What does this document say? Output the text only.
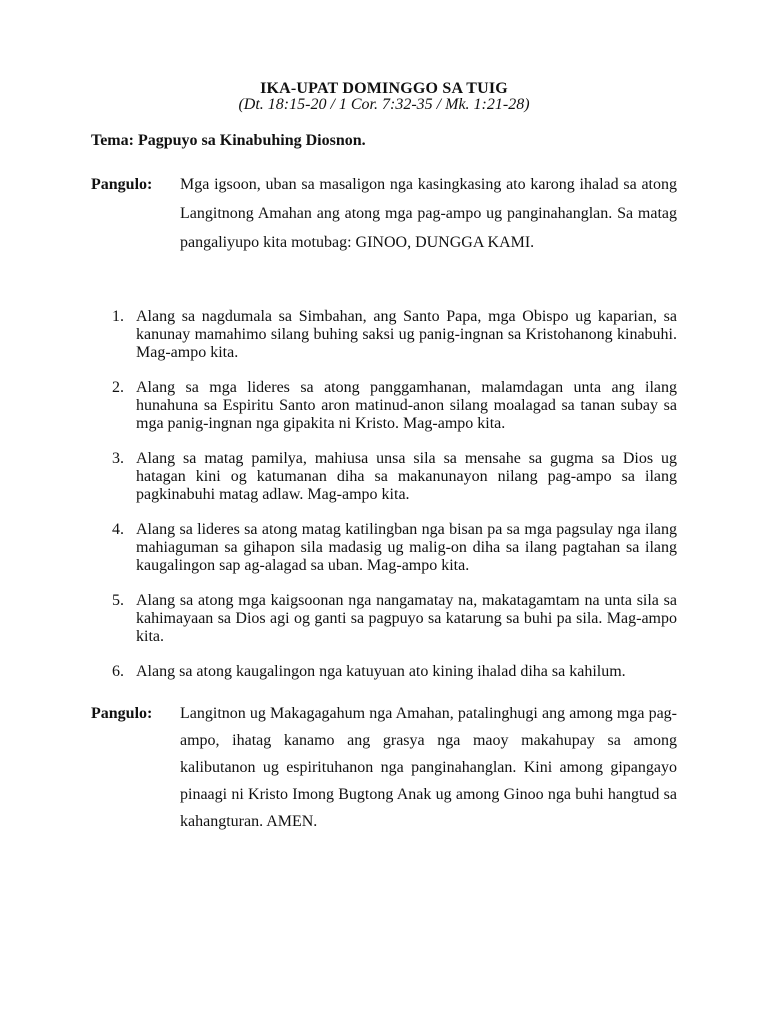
IKA-UPAT DOMINGGO SA TUIG
(Dt. 18:15-20 / 1 Cor. 7:32-35 / Mk. 1:21-28)
Tema: Pagpuyo sa Kinabuhing Diosnon.
Pangulo: Mga igsoon, uban sa masaligon nga kasingkasing ato karong ihalad sa atong Langitnong Amahan ang atong mga pag-ampo ug panginahanglan. Sa matag pangaliyupo kita motubag: GINOO, DUNGGA KAMI.
1. Alang sa nagdumala sa Simbahan, ang Santo Papa, mga Obispo ug kaparian, sa kanunay mamahimo silang buhing saksi ug panig-ingnan sa Kristohanong kinabuhi. Mag-ampo kita.
2. Alang sa mga lideres sa atong panggamhanan, malamdagan unta ang ilang hunahuna sa Espiritu Santo aron matinud-anon silang moalagad sa tanan subay sa mga panig-ingnan nga gipakita ni Kristo. Mag-ampo kita.
3. Alang sa matag pamilya, mahiusa unsa sila sa mensahe sa gugma sa Dios ug hatagan kini og katumanan diha sa makanunayon nilang pag-ampo sa ilang pagkinabuhi matag adlaw. Mag-ampo kita.
4. Alang sa lideres sa atong matag katilingban nga bisan pa sa mga pagsulay nga ilang mahiaguman sa gihapon sila madasig ug malig-on diha sa ilang pagtahan sa ilang kaugalingon sap ag-alagad sa uban. Mag-ampo kita.
5. Alang sa atong mga kaigsoonan nga nangamatay na, makatagamtam na unta sila sa kahimayaan sa Dios agi og ganti sa pagpuyo sa katarung sa buhi pa sila. Mag-ampo kita.
6. Alang sa atong kaugalingon nga katuyuan ato kining ihalad diha sa kahilum.
Pangulo: Langitnon ug Makagagahum nga Amahan, patalinghugi ang among mga pag-ampo, ihatag kanamo ang grasya nga maoy makahupay sa among kalibutanon ug espirituhanon nga panginahanglan. Kini among gipangayo pinaagi ni Kristo Imong Bugtong Anak ug among Ginoo nga buhi hangtud sa kahangturan. AMEN.
